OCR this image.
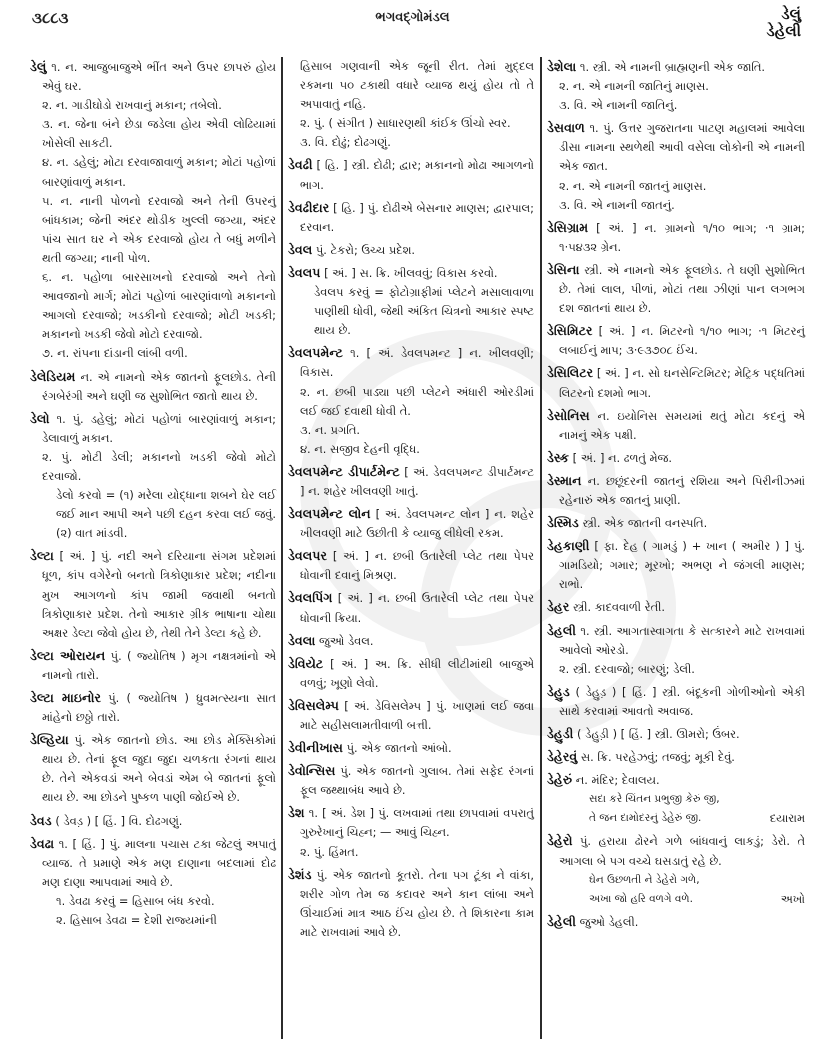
૩૮૮૩	ભગવદ્ગોમંડલ	ડેલું
ડેહેલી
ડેલું ૧. ન. આજુબાજુએ ભીંત અને ઉપર છાપરું હોય એવું ઘર.
૨. ન. ગાડીઘોડો રાખવાનું મકાન; તબેલો.
૩. ન. જેના બંને છેડા જડેલા હોય એવી લોઢિયામાં ખોસેલી સાકટી.
૪. ન. ડહેલું; મોટા દરવાજાવાળું મકાન; મોટાં પહોળાં બારણાંવાળું મકાન.
૫. ન. નાની પોળનો દરવાજો અને તેની ઉપરનું બાંધકામ; જેની અંદર થોડીક ખુલ્લી જગ્યા, અંદર પાંચ સાત ઘર ને એક દરવાજો હોય તે બધું મળીને થતી જગ્યા; નાની પોળ.
૬. ન. પહોળા બારસાખનો દરવાજો અને તેનો આવજાનો માર્ગ; મોટાં પહોળાં બારણાંવાળો મકાનનો આગલો દરવાજો; ખડકીનો દરવાજો; મોટી ખડકી; મકાનનો ખડકી જેવો મોટો દરવાજો.
૭. ન. રાંપના દાંડાની લાંબી વળી.
ડેલેડિયમ ન. એ નામનો એક જાતનો ફૂલછોડ. તેની રંગબેરંગી અને ઘણી જ સુશોભિત જાતો થાય છે.
ડેલો ૧. પું. ડહેલું; મોટાં પહોળાં બારણાંવાળું મકાન; ડેલાવાળું મકાન.
૨. પું. મોટી ડેલી; મકાનનો ખડકી જેવો મોટો દરવાજો.
ડેલો કરવો = (૧) મરેલા યોદ્ધાના શબને ઘેર લઈ જઈ માન આપી અને પછી દહન કરવા લઈ જવું. (૨) વાત માંડવી.
ડેલ્ટા [ અં. ] પું. નદી અને દરિયાના સંગમ પ્રદેશમાં ધૂળ, કાંપ વગેરેનો બનતો ત્રિકોણાકાર પ્રદેશ; નદીના મુખ આગળનો કાંપ જામી જવાથી બનતો ત્રિકોણાકાર પ્રદેશ. તેનો આકાર ગ્રીક ભાષાના ચોથા અક્ષર ડેલ્ટા જેવો હોય છે, તેથી તેને ડેલ્ટા કહે છે.
ડેલ્ટા ઓરાયન પું. ( જ્યોતિષ ) મૃગ નક્ષત્રમાંનો એ નામનો તારો.
ડેલ્ટા માઇનોર પું. ( જ્યોતિષ ) ધ્રુવમત્સ્યના સાત માંહેનો છઠ્ઠો તારો.
ડેલ્હિયા પું. એક જાતનો છોડ. આ છોડ મેક્સિકોમાં થાય છે. તેનાં ફૂલ જુદા જુદા ચળકતા રંગનાં થાય છે. તેને એકવડાં અને બેવડાં એમ બે જાતનાં ફૂલો થાય છે. આ છોડને પુષ્કળ પાણી જોઈએ છે.
ડેવડ ( ડેવડ઼ ) [ હિં. ] વિ. દોઢગણું.
ડેવઢા ૧. [ હિં. ] પું. માલના પચાસ ટકા જેટલું અપાતું વ્યાજ. તે પ્રમાણે એક મણ દાણાના બદલામાં દોઢ મણ દાણા આપવામાં આવે છે.
૧. ડેવઢા કરવું = હિસાબ બંધ કરવો.
૨. હિસાબ ડેવઢા = દેશી રાજ્યમાંની
હિસાબ ગણવાની એક જૂની રીત. તેમાં મુદ્દલ રકમના ૫૦ ટકાથી વધારે વ્યાજ થયું હોય તો તે અપાવાતું નહિ.
૨. પું. ( સંગીત ) સાધારણથી કાંઈક ઊંચો સ્વર.
૩. વિ. દોઢું; દોઢગણું.
ડેવઢી [ હિ. ] સ્ત્રી. દોઢી; દ્વાર; મકાનનો મોઢા આગળનો ભાગ.
ડેવઢીદાર [ હિ. ] પું. દોઢીએ બેસનાર માણસ; દ્વારપાલ; દરવાન.
ડેવલ પું. ટેકરો; ઉચ્ચ પ્રદેશ.
ડેવલપ [ અં. ] સ. ક્રિ. ખીલવવું; વિકાસ કરવો.
ડેવલપ કરવું = ફોટોગ્રાફીમાં પ્લેટને મસાલાવાળા પાણીથી ધોવી, જેથી અંકિત ચિત્રનો આકાર સ્પષ્ટ થાય છે.
ડેવલપમેન્ટ ૧. [ અં. ડેવલપમન્ટ ] ન. ખીલવણી; વિકાસ.
૨. ન. છબી પાડ્યા પછી પ્લેટને અંધારી ઓરડીમાં લઈ જઈ દવાથી ધોવી તે.
૩. ન. પ્રગતિ.
૪. ન. સજીવ દેહની વૃદ્ધિ.
ડેવલપમેન્ટ ડીપાર્ટમેન્ટ [ અં. ડેવલપમન્ટ ડીપાર્ટમન્ટ ] ન. શહેર ખીલવણી ખાતું.
ડેવલપમેન્ટ લોન [ અં. ડેવલપમન્ટ લોન ] ન. શહેર ખીલવણી માટે ઉછીતી કે વ્યાજુ લીધેલી રકમ.
ડેવલપર [ અં. ] ન. છબી ઉતારેલી પ્લેટ તથા પેપર ધોવાની દવાનું મિશ્રણ.
ડેવલપિંગ [ અં. ] ન. છબી ઉતારેલી પ્લેટ તથા પેપર ધોવાની ક્રિયા.
ડેવલા જુઓ ડેવલ.
ડેવિયેટ [ અં. ] અ. ક્રિ. સીધી લીટીમાંથી બાજુએ વળવું; ખૂણો લેવો.
ડેવિસલેમ્પ [ અં. ડેવિસલેમ્પ ] પું. ખાણમાં લઈ જવા માટે સહીસલામતીવાળી બત્તી.
ડેવીનીખાસ પું. એક જાતનો આંબો.
ડેવોન્સિસ પું. એક જાતનો ગુલાબ. તેમાં સફેદ રંગનાં ફૂલ જથ્થાબંધ આવે છે.
ડેશ ૧. [ અં. ડેશ ] પું. લખવામાં તથા છાપવામાં વપરાતું ગુરુરેખાનું ચિહ્ન; — આવું ચિહ્ન.
૨. પું. હિંમત.
ડેશંડ પું. એક જાતનો કૂતરો. તેના પગ ટૂંકા ને વાંકા, શરીર ગોળ તેમ જ કદાવર અને કાન લાંબા અને ઊંચાઈમાં માત્ર આઠ ઈંચ હોય છે. તે શિકારના કામ માટે રાખવામાં આવે છે.
ડેશેલા ૧. સ્ત્રી. એ નામની બ્રાહ્મણની એક જાતિ.
૨. ન. એ નામની જાતિનું માણસ.
૩. વિ. એ નામની જાતિનું.
ડેસવાળ ૧. પું. ઉત્તર ગુજરાતના પાટણ મહાલમાં આવેલા ડીસા નામના સ્થળેથી આવી વસેલા લોકોની એ નામની એક જાત.
૨. ન. એ નામની જાતનું માણસ.
૩. વિ. એ નામની જાતનું.
ડેસિગ્રામ [ અં. ] ન. ગ્રામનો ૧/૧૦ ભાગ; ·૧ ગ્રામ; ૧·૫૪૩૨ ગ્રેન.
ડેસિના સ્ત્રી. એ નામનો એક ફૂલછોડ. તે ઘણી સુશોભિત છે. તેમાં લાલ, પીળાં, મોટાં તથા ઝીણાં પાન લગભગ દશ જાતનાં થાય છે.
ડેસિમિટર [ અં. ] ન. મિટરનો ૧/૧૦ ભાગ; ·૧ મિટરનું લબાઈનું માપ; ૩·૯૩૭૦૮ ઈંચ.
ડેસિલિટર [ અં. ] ન. સો ઘનસેન્ટિમિટર; મેટ્રિક પદ્ધતિમાં લિટરનો દશમો ભાગ.
ડેસોનિસ ન. ઇયોનિસ સમયમાં થતું મોટા કદનું એ નામનું એક પક્ષી.
ડેસ્ક [ અં. ] ન. ઢળતું મેજ.
ડેસ્માન ન. છછૂંદરની જાતનું રશિયા અને પિરીનીઝમાં રહેનારું એક જાતનું પ્રાણી.
ડેસ્મિડ સ્ત્રી. એક જાતની વનસ્પતિ.
ડેહકાણી [ ફા. દેહ ( ગામડું ) + ખાન ( અમીર ) ] પું. ગામડિયો; ગમાર; મૂરખો; અભણ ને જંગલી માણસ; રાભો.
ડેહર સ્ત્રી. કાદવવાળી રેતી.
ડેહલી ૧. સ્ત્રી. આગતાસ્વાગતા કે સત્કારને માટે રાખવામાં આવેલો ઓરડો.
૨. સ્ત્રી. દરવાજો; બારણું; ડેલી.
ડેહુડ ( ડેહુડ઼ ) [ હિં. ] સ્ત્રી. બંદૂકની ગોળીઓનો એકી સાથે કરવામાં આવતો અવાજ.
ડેહુડી ( ડેહુડ઼ી ) [ હિં. ] સ્ત્રી. ઊમરો; ઉંબર.
ડેહેરવું સ. ક્રિ. પરહેઝવું; તજવું; મૂકી દેવું.
ડેહેરું ન. મંદિર; દેવાલય.
સદા કરે ચિંતન પ્રભુજી કેરું જી,
દયારામ
તે જન દામોદરનું ડેહેરું જી.
ડેહેરો પું. હરાયા ઢોરને ગળે બાંધવાનું લાકડું; ડેરો. તે આગલા બે પગ વચ્ચે ઘસડાતું રહે છે.
ઘેન ઉછળતી ને ડેહેરો ગળે,
અખો
અખા જો હરિ વળગે વળે.
ડેહેલી જુઓ ડેહલી.
